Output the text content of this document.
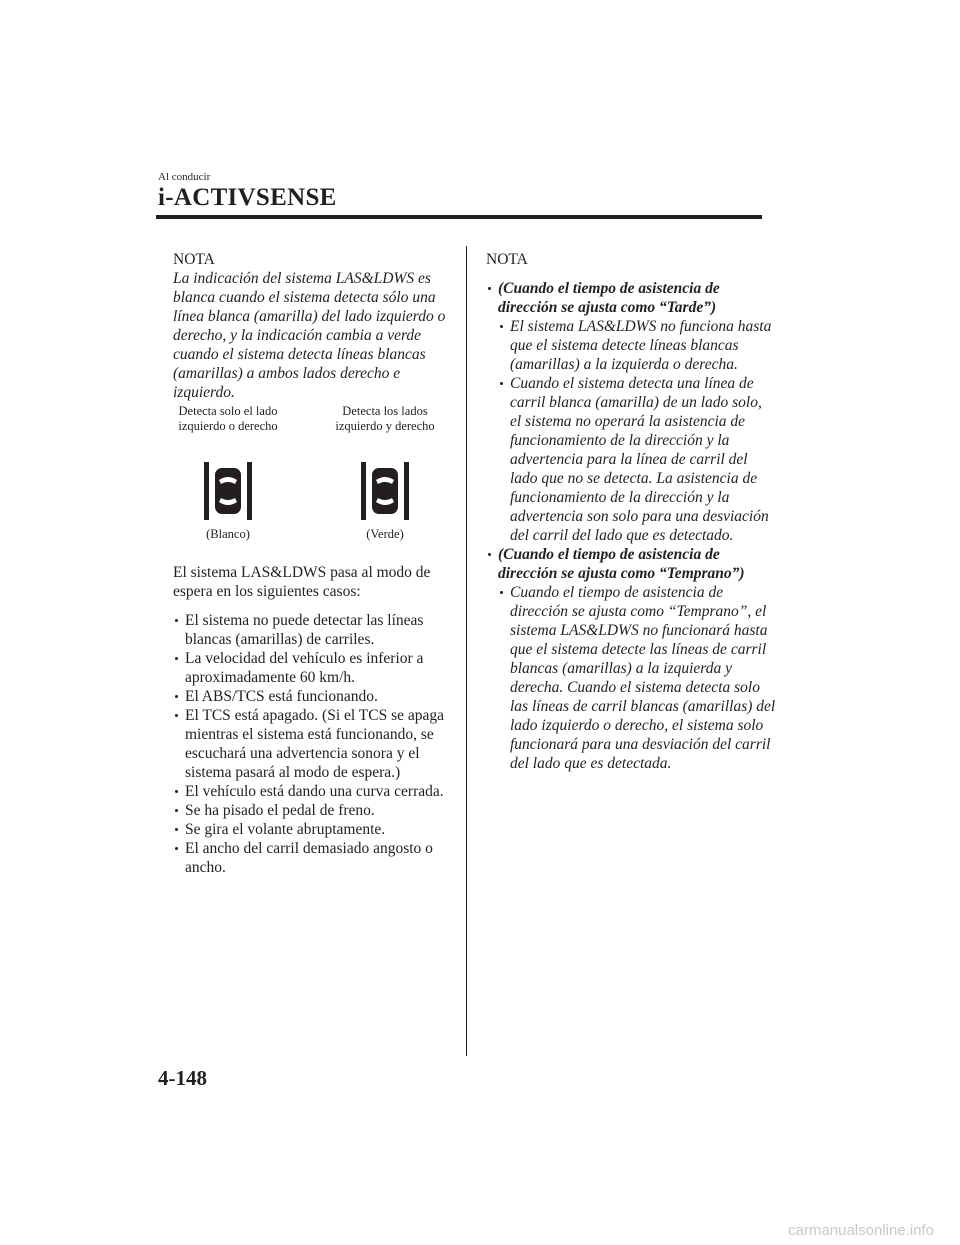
Al conducir
i-ACTIVSENSE
NOTA

La indicación del sistema LAS&LDWS es blanca cuando el sistema detecta sólo una línea blanca (amarilla) del lado izquierdo o derecho, y la indicación cambia a verde cuando el sistema detecta líneas blancas (amarillas) a ambos lados derecho e izquierdo.

Detecta solo el lado izquierdo o derecho
(Blanco)
Detecta los lados izquierdo y derecho
(Verde)

El sistema LAS&LDWS pasa al modo de espera en los siguientes casos:

El sistema no puede detectar las líneas blancas (amarillas) de carriles.
La velocidad del vehículo es inferior a aproximadamente 60 km/h.
El ABS/TCS está funcionando.
El TCS está apagado. (Si el TCS se apaga mientras el sistema está funcionando, se escuchará una advertencia sonora y el sistema pasará al modo de espera.)
El vehículo está dando una curva cerrada.
Se ha pisado el pedal de freno.
Se gira el volante abruptamente.
El ancho del carril demasiado angosto o ancho.
NOTA
(Cuando el tiempo de asistencia de dirección se ajusta como “Tarde”)
El sistema LAS&LDWS no funciona hasta que el sistema detecte líneas blancas (amarillas) a la izquierda o derecha.
Cuando el sistema detecta una línea de carril blanca (amarilla) de un lado solo, el sistema no operará la asistencia de funcionamiento de la dirección y la advertencia para la línea de carril del lado que no se detecta. La asistencia de funcionamiento de la dirección y la advertencia son solo para una desviación del carril del lado que es detectado.
(Cuando el tiempo de asistencia de dirección se ajusta como “Temprano”)
Cuando el tiempo de asistencia de dirección se ajusta como “Temprano”, el sistema LAS&LDWS no funcionará hasta que el sistema detecte las líneas de carril blancas (amarillas) a la izquierda y derecha. Cuando el sistema detecta solo las líneas de carril blancas (amarillas) del lado izquierdo o derecho, el sistema solo funcionará para una desviación del carril del lado que es detectada.
4-148
carmanualsonline.info
